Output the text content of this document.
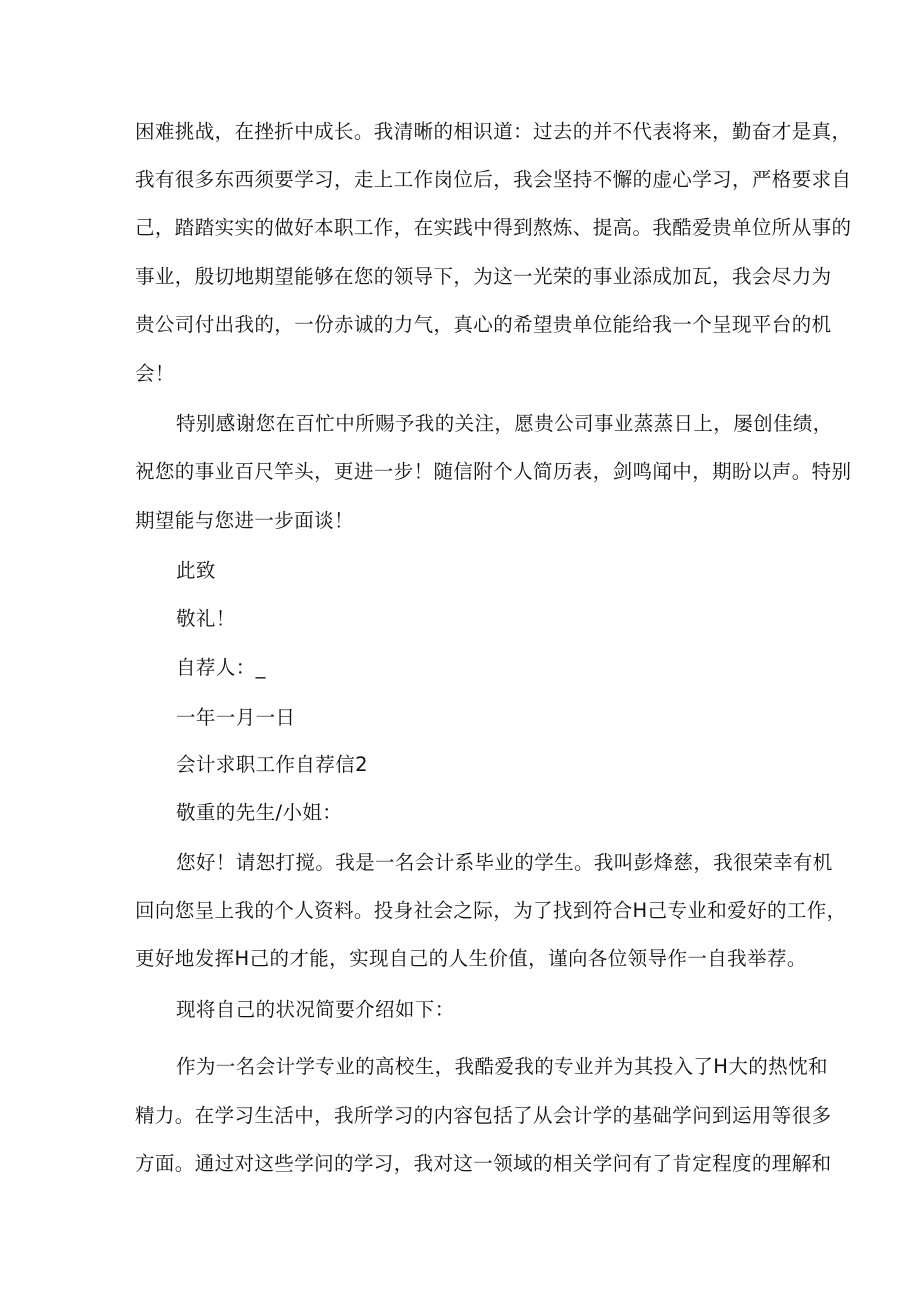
困难挑战，在挫折中成长。我清晰的相识道：过去的并不代表将来，勤奋才是真，
我有很多东西须要学习，走上工作岗位后，我会坚持不懈的虚心学习，严格要求自
己，踏踏实实的做好本职工作，在实践中得到熬炼、提高。我酷爱贵单位所从事的
事业，殷切地期望能够在您的领导下，为这一光荣的事业添成加瓦，我会尽力为
贵公司付出我的，一份赤诚的力气，真心的希望贵单位能给我一个呈现平台的机
会！
特别感谢您在百忙中所赐予我的关注，愿贵公司事业蒸蒸日上，屡创佳绩，
祝您的事业百尺竿头，更进一步！随信附个人简历表，剑鸣闻中，期盼以声。特别
期望能与您进一步面谈！
此致
敬礼！
自荐人：_
一年一月一日
会计求职工作自荐信2
敬重的先生/小姐：
您好！请恕打搅。我是一名会计系毕业的学生。我叫彭烽慈，我很荣幸有机
回向您呈上我的个人资料。投身社会之际，为了找到符合H己专业和爱好的工作，
更好地发挥H己的才能，实现自己的人生价值，谨向各位领导作一自我举荐。
现将自己的状况简要介绍如下：
作为一名会计学专业的高校生，我酷爱我的专业并为其投入了H大的热忱和
精力。在学习生活中，我所学习的内容包括了从会计学的基础学问到运用等很多
方面。通过对这些学问的学习，我对这一领域的相关学问有了肯定程度的理解和
